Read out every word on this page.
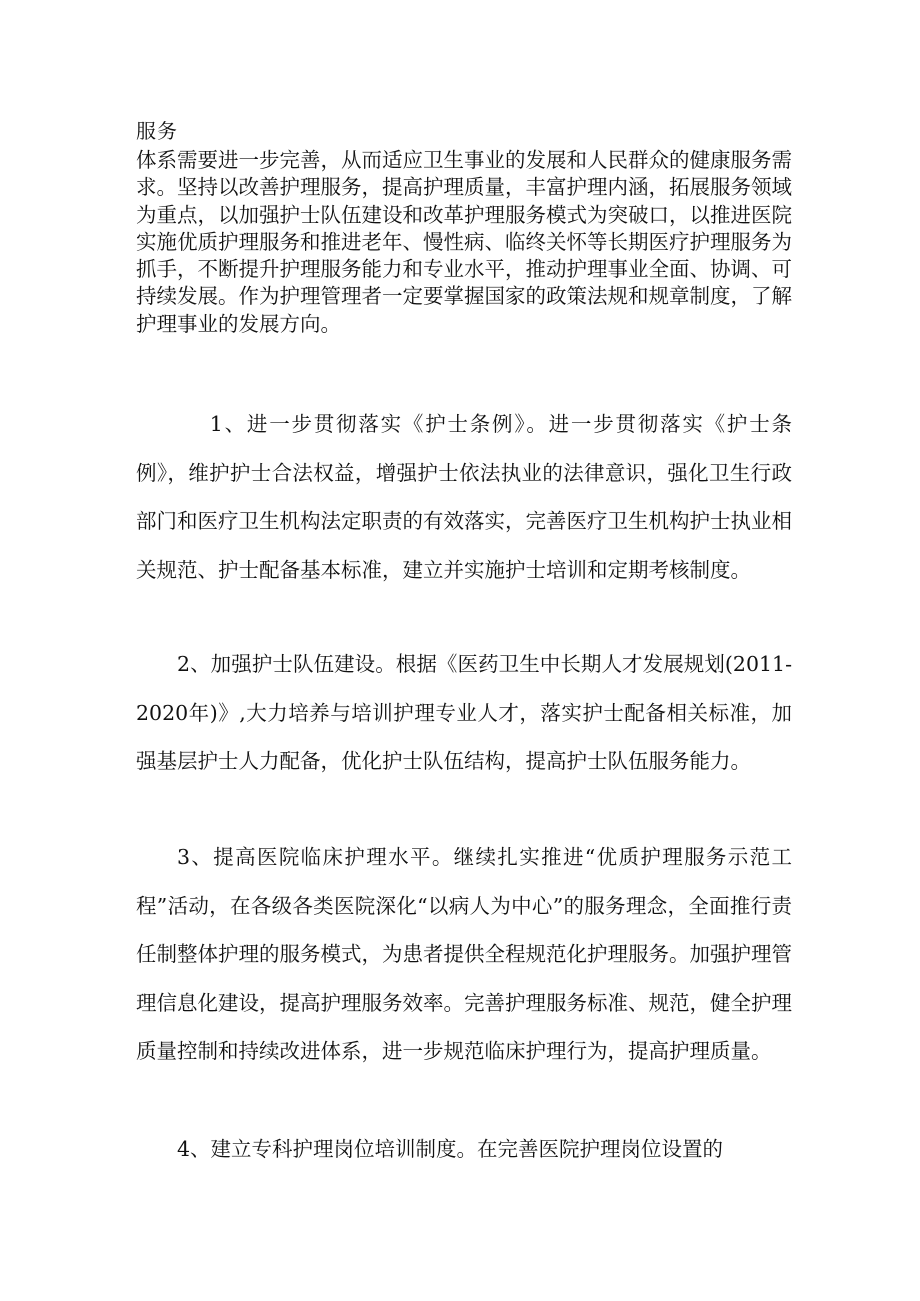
服务

体系需要进一步完善，从而适应卫生事业的发展和人民群众的健康服务需求。坚持以改善护理服务，提高护理质量，丰富护理内涵，拓展服务领域为重点，以加强护士队伍建设和改革护理服务模式为突破口，以推进医院实施优质护理服务和推进老年、慢性病、临终关怀等长期医疗护理服务为抓手，不断提升护理服务能力和专业水平，推动护理事业全面、协调、可持续发展。作为护理管理者一定要掌握国家的政策法规和规章制度，了解护理事业的发展方向。

1、进一步贯彻落实《护士条例》。进一步贯彻落实《护士条例》，维护护士合法权益，增强护士依法执业的法律意识，强化卫生行政部门和医疗卫生机构法定职责的有效落实，完善医疗卫生机构护士执业相关规范、护士配备基本标准，建立并实施护士培训和定期考核制度。

2、加强护士队伍建设。根据《医药卫生中长期人才发展规划(2011-2020年)》,大力培养与培训护理专业人才，落实护士配备相关标准，加强基层护士人力配备，优化护士队伍结构，提高护士队伍服务能力。

3、提高医院临床护理水平。继续扎实推进“优质护理服务示范工程”活动，在各级各类医院深化“以病人为中心”的服务理念，全面推行责任制整体护理的服务模式，为患者提供全程规范化护理服务。加强护理管理信息化建设，提高护理服务效率。完善护理服务标准、规范，健全护理质量控制和持续改进体系，进一步规范临床护理行为，提高护理质量。

4、建立专科护理岗位培训制度。在完善医院护理岗位设置的
